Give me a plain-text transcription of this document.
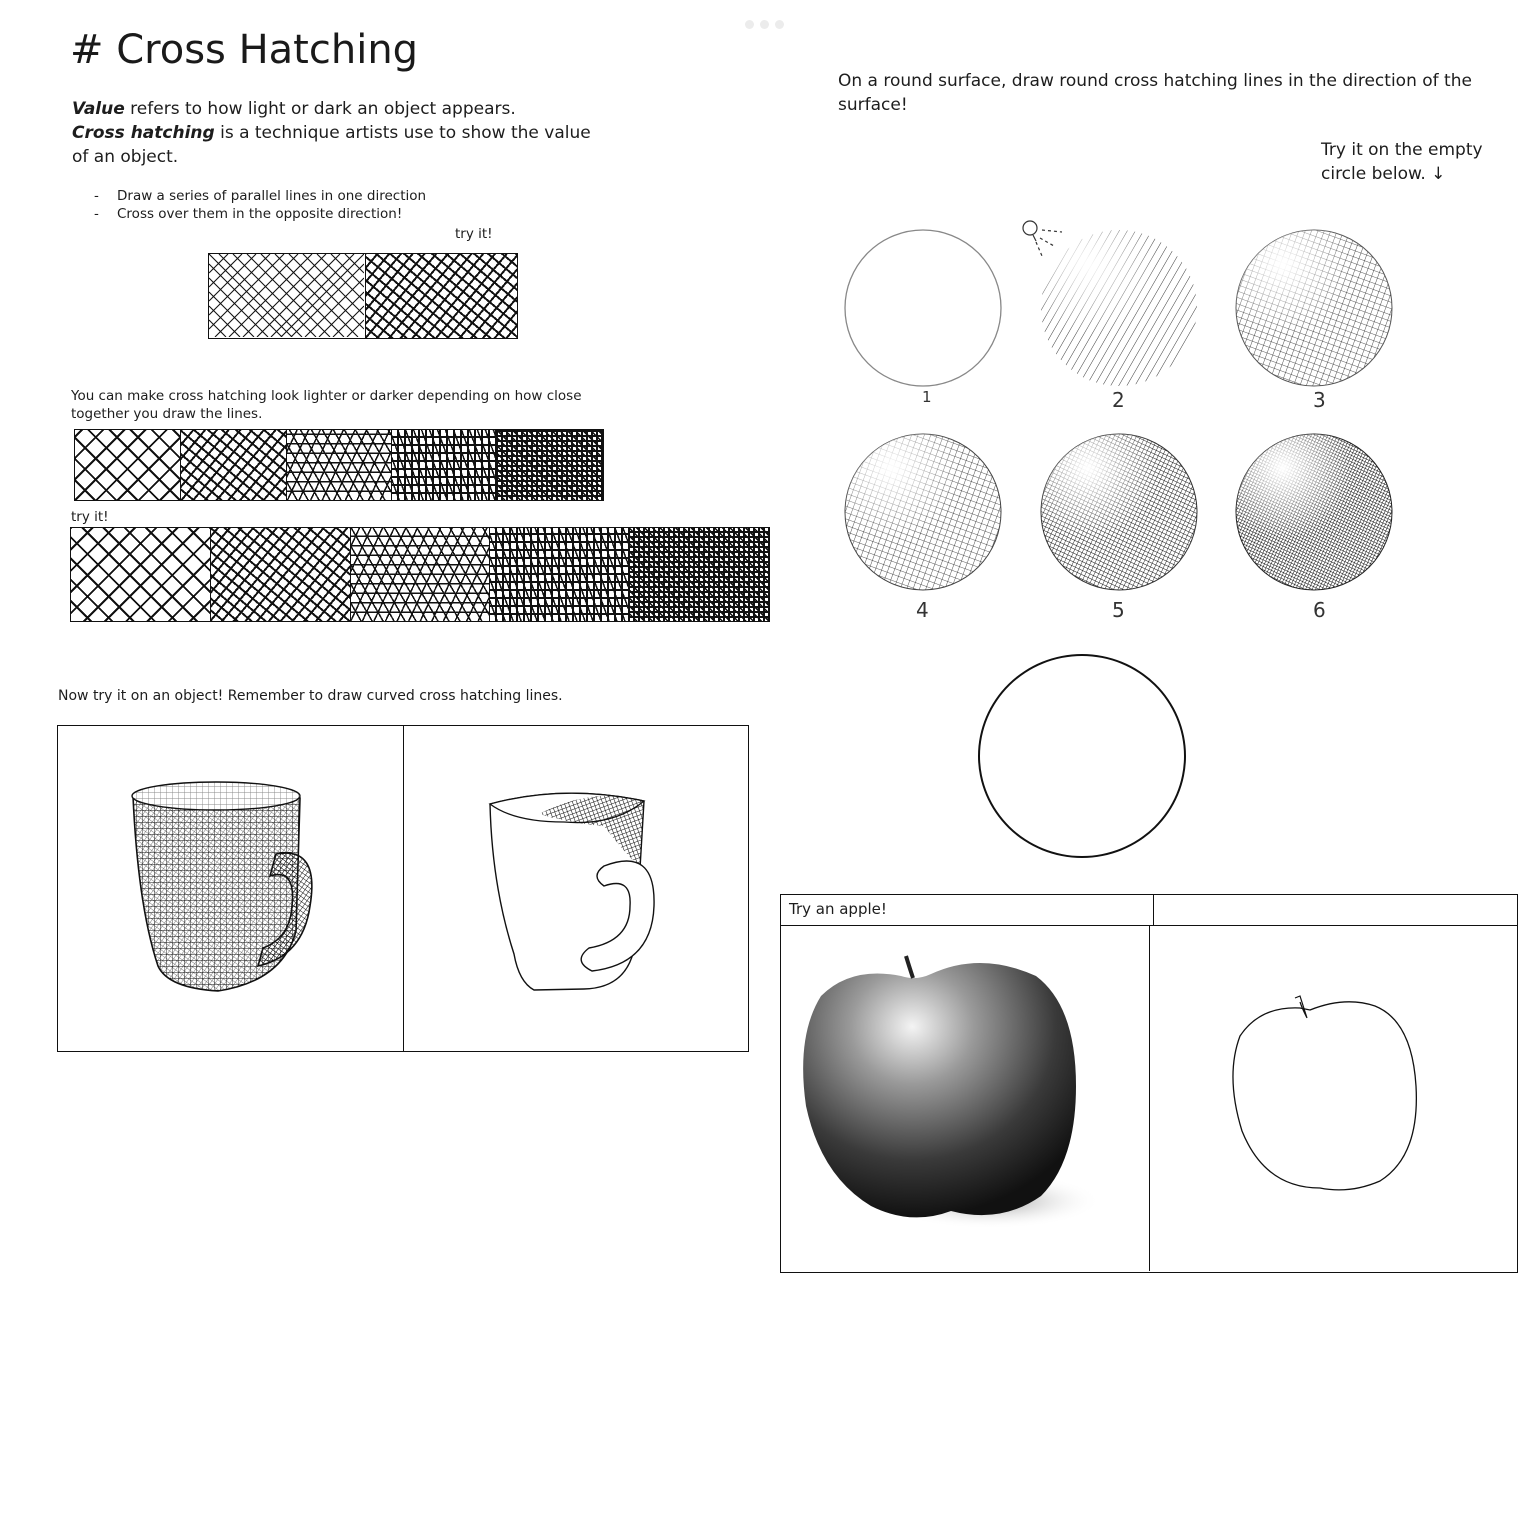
# Cross Hatching
Value refers to how light or dark an object appears.
Cross hatching is a technique artists use to show the value of an object.
- Draw a series of parallel lines in one direction
- Cross over them in the opposite direction!
try it!
You can make cross hatching look lighter or darker depending on how close together you draw the lines.
try it!
Now try it on an object! Remember to draw curved cross hatching lines.
On a round surface, draw round cross hatching lines in the direction of the surface!
Try it on the empty circle below. ↓
1	2	3
4	5	6
Try an apple!
